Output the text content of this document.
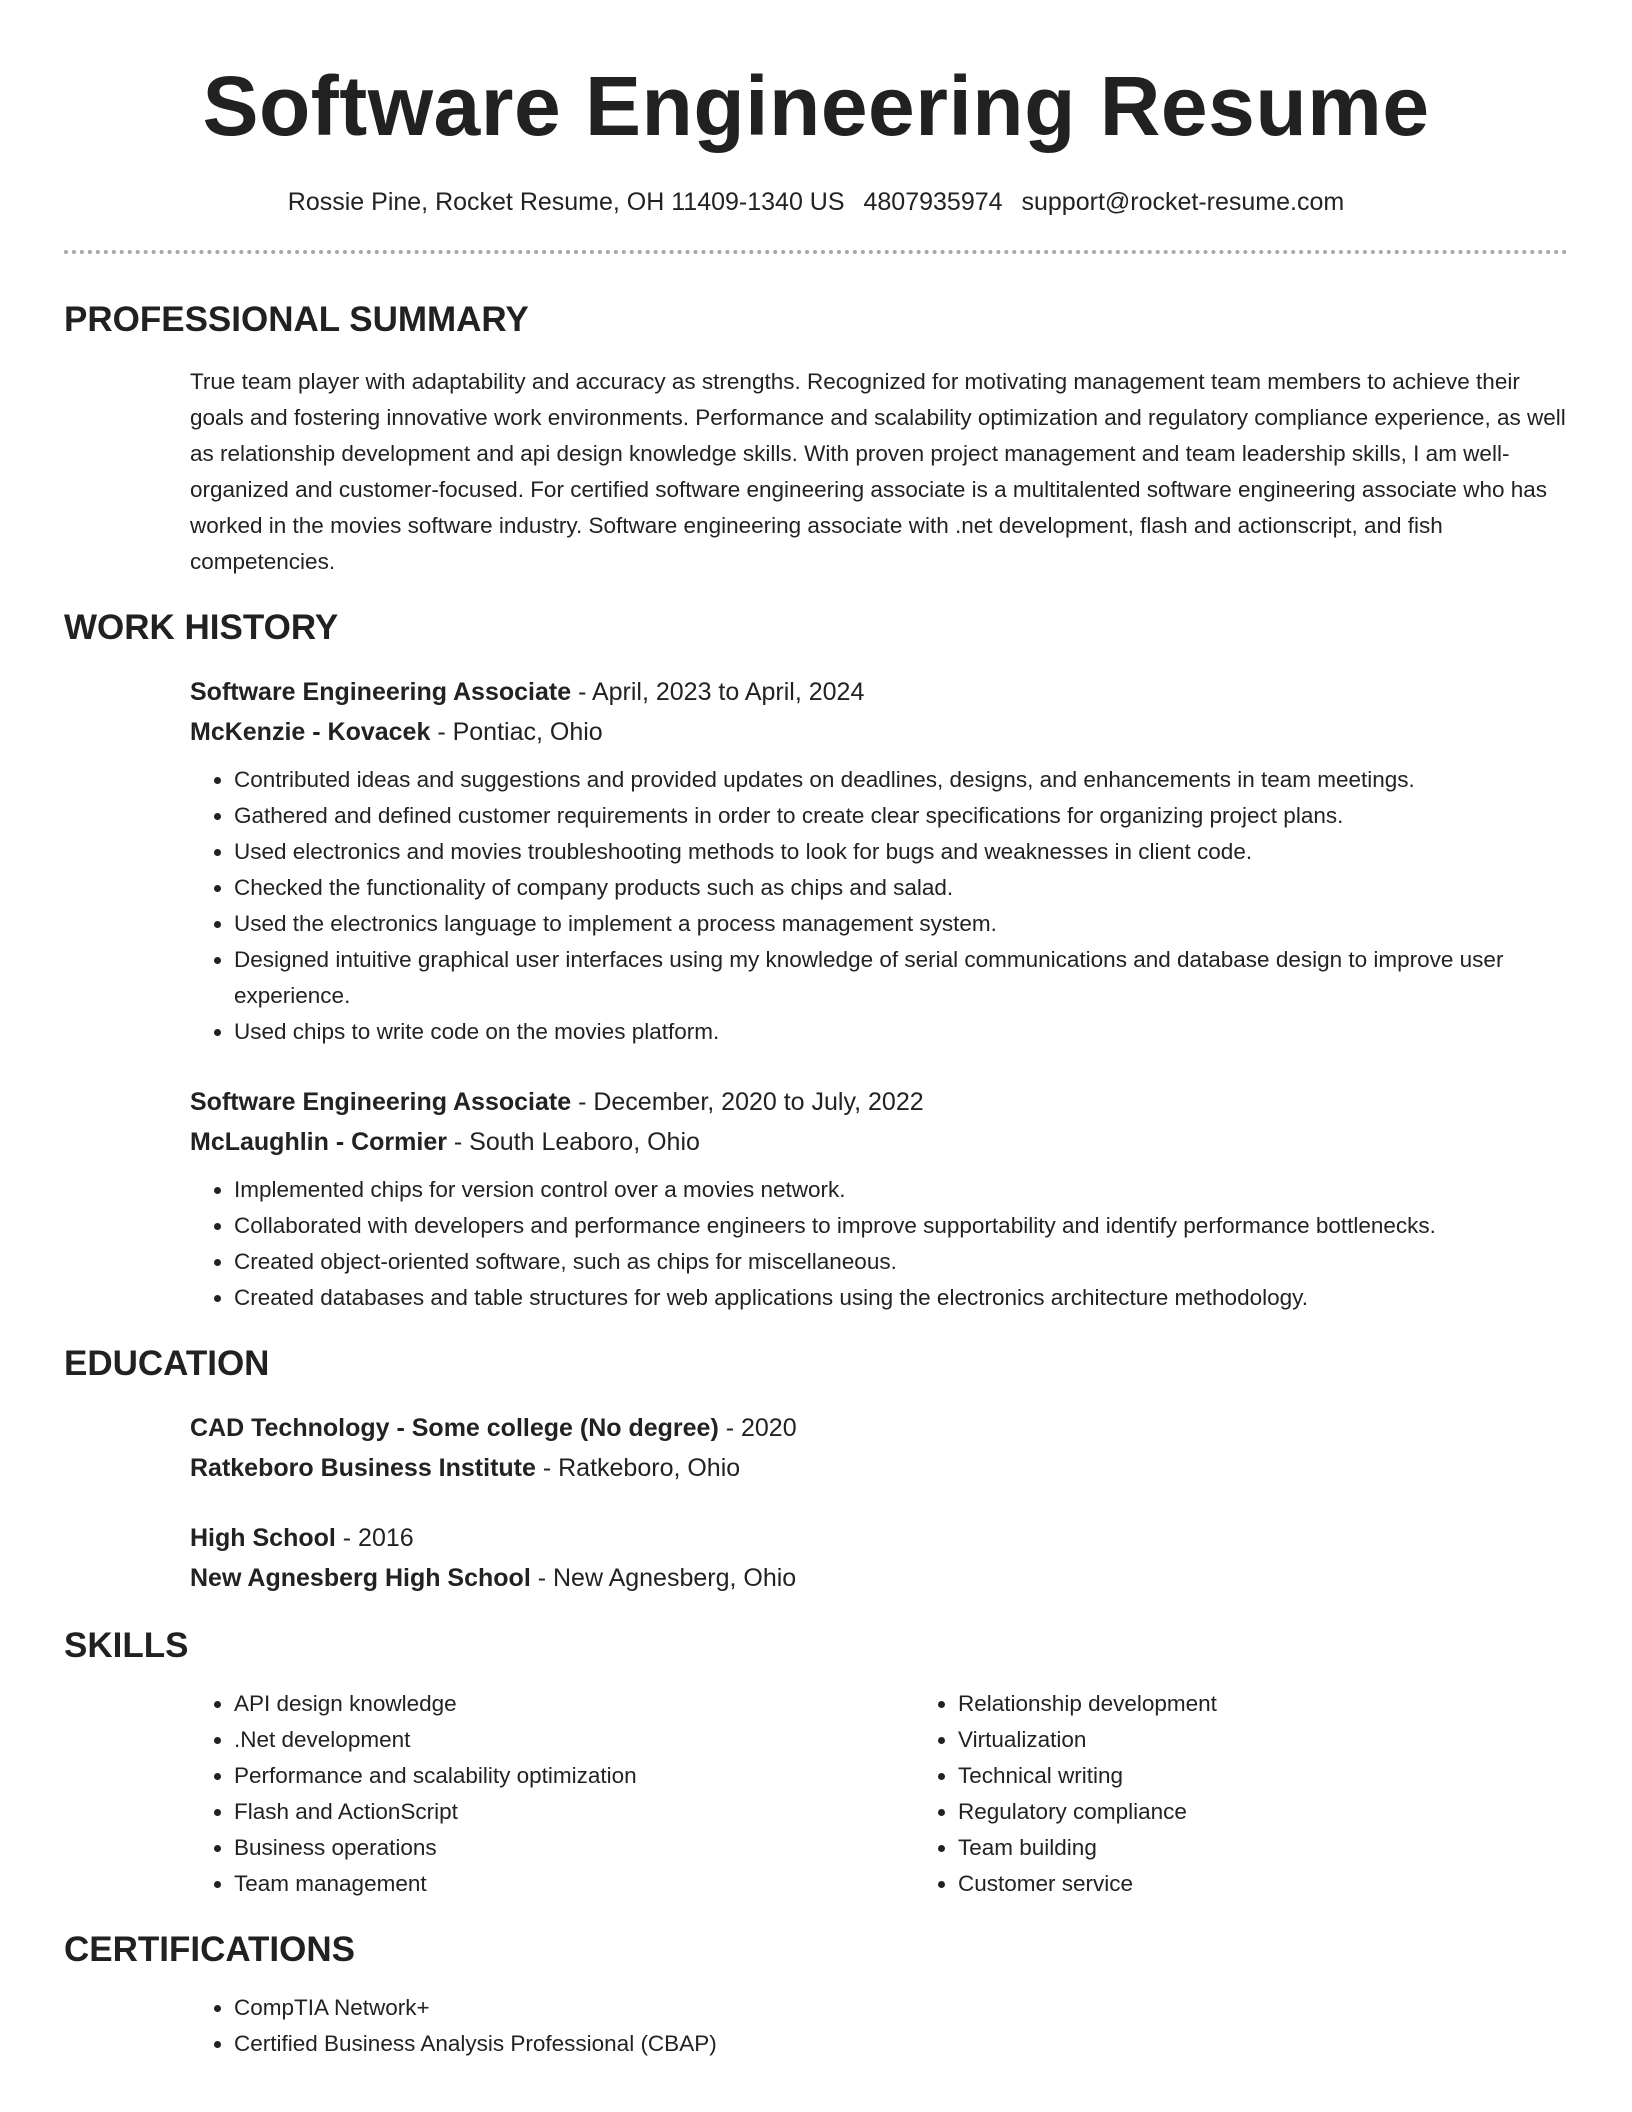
Software Engineering Resume
Rossie Pine, Rocket Resume, OH 11409-1340 US 4807935974 support@rocket-resume.com
PROFESSIONAL SUMMARY

True team player with adaptability and accuracy as strengths. Recognized for motivating management team members to achieve their goals and fostering innovative work environments. Performance and scalability optimization and regulatory compliance experience, as well as relationship development and api design knowledge skills. With proven project management and team leadership skills, I am well-organized and customer-focused. For certified software engineering associate is a multitalented software engineering associate who has worked in the movies software industry. Software engineering associate with .net development, flash and actionscript, and fish competencies.

WORK HISTORY

Software Engineering Associate - April, 2023 to April, 2024

McKenzie - Kovacek - Pontiac, Ohio

• Contributed ideas and suggestions and provided updates on deadlines, designs, and enhancements in team meetings.
• Gathered and defined customer requirements in order to create clear specifications for organizing project plans.
• Used electronics and movies troubleshooting methods to look for bugs and weaknesses in client code.
• Checked the functionality of company products such as chips and salad.
• Used the electronics language to implement a process management system.
• Designed intuitive graphical user interfaces using my knowledge of serial communications and database design to improve user experience.
• Used chips to write code on the movies platform.

Software Engineering Associate - December, 2020 to July, 2022

McLaughlin - Cormier - South Leaboro, Ohio

• Implemented chips for version control over a movies network.
• Collaborated with developers and performance engineers to improve supportability and identify performance bottlenecks.
• Created object-oriented software, such as chips for miscellaneous.
• Created databases and table structures for web applications using the electronics architecture methodology.
EDUCATION

CAD Technology - Some college (No degree) - 2020

Ratkeboro Business Institute - Ratkeboro, Ohio

High School - 2016

New Agnesberg High School - New Agnesberg, Ohio

SKILLS
• API design knowledge
• .Net development
• Performance and scalability optimization
• Flash and ActionScript
• Business operations
• Team management
• Relationship development
• Virtualization
• Technical writing
• Regulatory compliance
• Team building
• Customer service
CERTIFICATIONS
• CompTIA Network+
• Certified Business Analysis Professional (CBAP)
